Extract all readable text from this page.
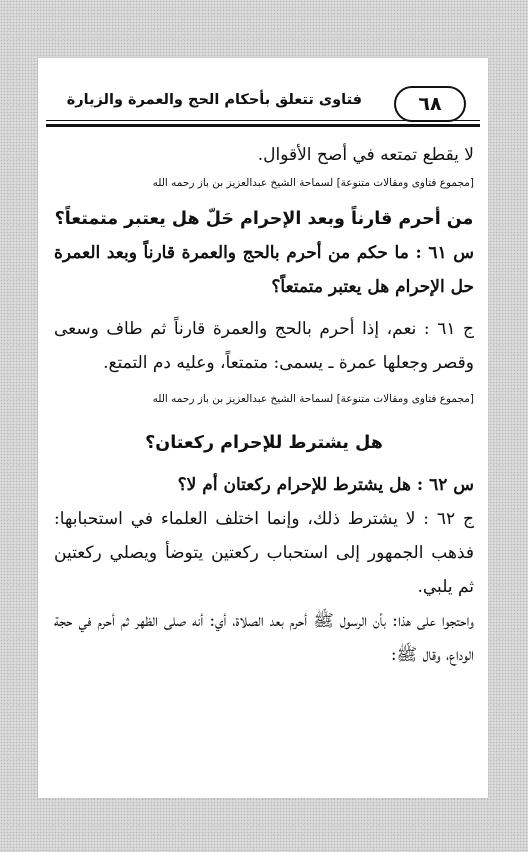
فتاوى تتعلق بأحكام الحج والعمرة والزيارة	٦٨

لا يقطع تمتعه في أصح الأقوال.

[مجموع فتاوى ومقالات متنوعة] لسماحة الشيخ عبدالعزيز بن باز رحمه الله

من أحرم قارناً وبعد الإحرام حَلّ هل يعتبر متمتعاً؟

س ٦١ : ما حكم من أحرم بالحج والعمرة قارناً وبعد العمرة حل الإحرام هل يعتبر متمتعاً؟

ج ٦١ : نعم، إذا أحرم بالحج والعمرة قارناً ثم طاف وسعى وقصر وجعلها عمرة ـ يسمى: متمتعاً، وعليه دم التمتع.

[مجموع فتاوى ومقالات متنوعة] لسماحة الشيخ عبدالعزيز بن باز رحمه الله

هل يشترط للإحرام ركعتان؟

س ٦٢ : هل يشترط للإحرام ركعتان أم لا؟

ج ٦٢ : لا يشترط ذلك، وإنما اختلف العلماء في استحبابها: فذهب الجمهور إلى استحباب ركعتين يتوضأ ويصلي ركعتين ثم يلبي.

واحتجوا على هذا: بأن الرسول ﷺ أحرم بعد الصلاة، أي: أنه صلى الظهر ثم أحرم في حجة الوداع، وقال ﷺ:
